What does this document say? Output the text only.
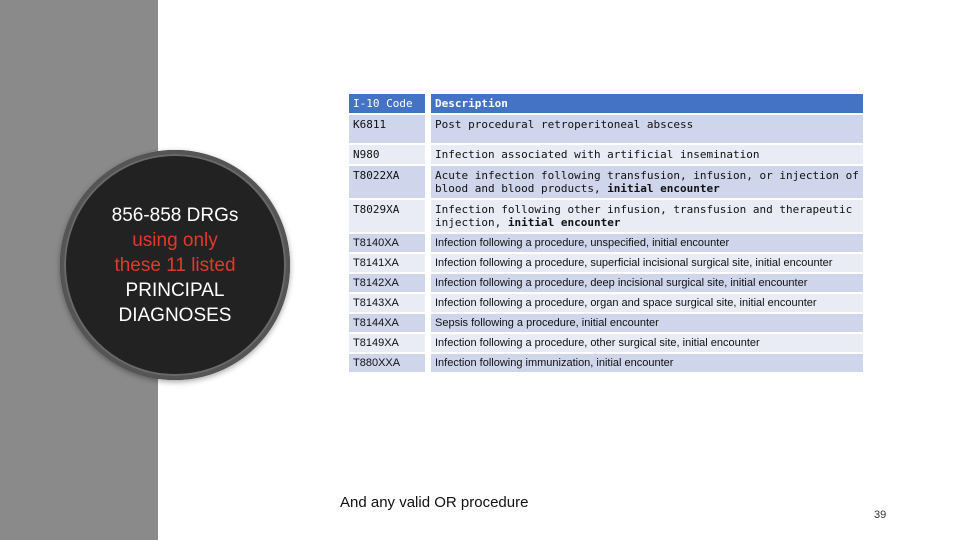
856-858 DRGs
using only
these 11 listed
PRINCIPAL
DIAGNOSES
I-10 Code	Description
K6811	Post procedural retroperitoneal abscess
N980	Infection associated with artificial insemination
T8022XA	Acute infection following transfusion, infusion, or injection of blood and blood products, initial encounter
T8029XA	Infection following other infusion, transfusion and therapeutic injection, initial encounter
T8140XA	Infection following a procedure, unspecified, initial encounter
T8141XA	Infection following a procedure, superficial incisional surgical site, initial encounter
T8142XA	Infection following a procedure, deep incisional surgical site, initial encounter
T8143XA	Infection following a procedure, organ and space surgical site, initial encounter
T8144XA	Sepsis following a procedure, initial encounter
T8149XA	Infection following a procedure, other surgical site, initial encounter
T880XXA	Infection following immunization, initial encounter
And any valid OR procedure
39
